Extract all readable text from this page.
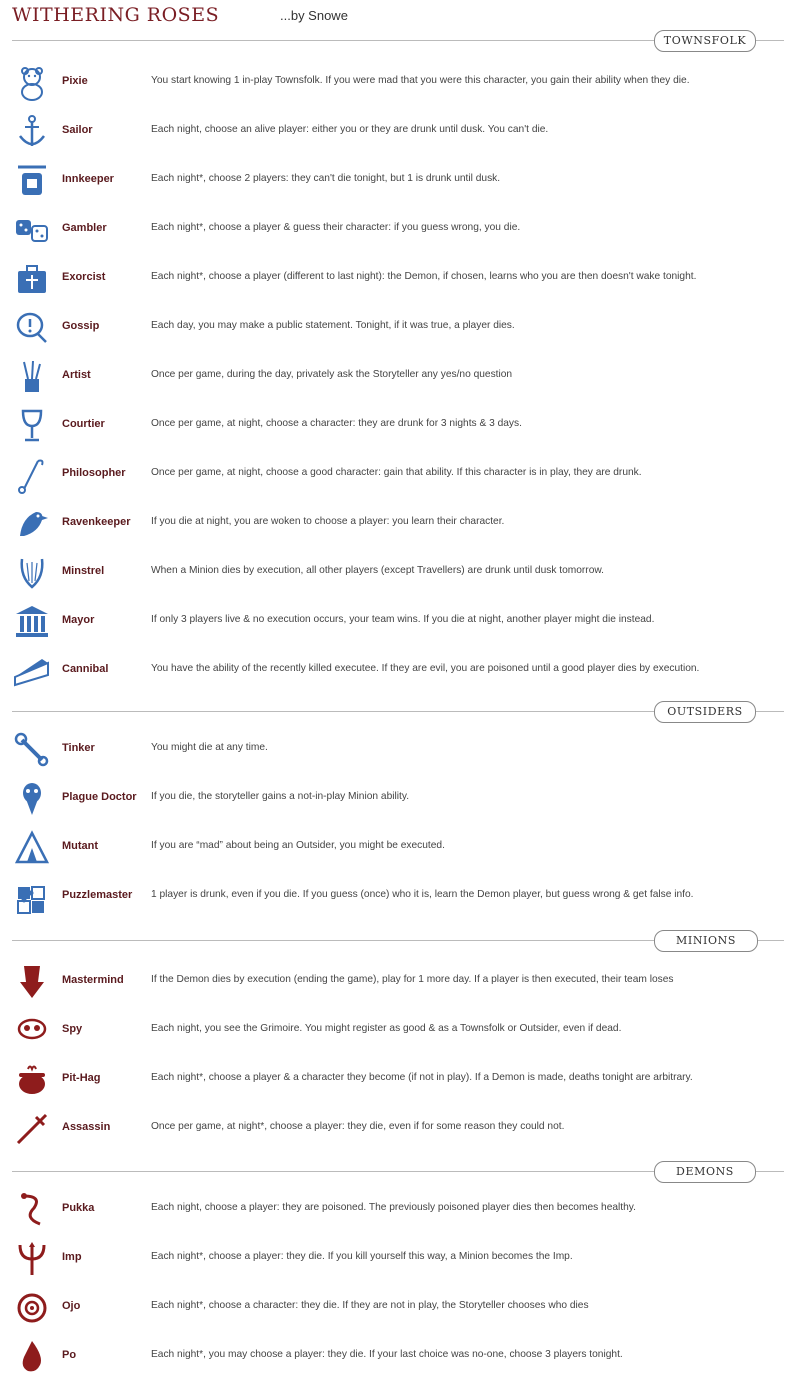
WITHERING ROSES	...by Snowe
TOWNSFOLK
Pixie	You start knowing 1 in-play Townsfolk. If you were mad that you were this character, you gain their ability when they die.
Sailor	Each night, choose an alive player: either you or they are drunk until dusk. You can't die.
Innkeeper	Each night*, choose 2 players: they can't die tonight, but 1 is drunk until dusk.
Gambler	Each night*, choose a player & guess their character: if you guess wrong, you die.
Exorcist	Each night*, choose a player (different to last night): the Demon, if chosen, learns who you are then doesn't wake tonight.
Gossip	Each day, you may make a public statement. Tonight, if it was true, a player dies.
Artist	Once per game, during the day, privately ask the Storyteller any yes/no question
Courtier	Once per game, at night, choose a character: they are drunk for 3 nights & 3 days.
Philosopher Once per game, at night, choose a good character: gain that ability. If this character is in play, they are drunk.
Ravenkeeper If you die at night, you are woken to choose a player: you learn their character.
Minstrel	When a Minion dies by execution, all other players (except Travellers) are drunk until dusk tomorrow.
Mayor	If only 3 players live & no execution occurs, your team wins. If you die at night, another player might die instead.
Cannibal	You have the ability of the recently killed executee. If they are evil, you are poisoned until a good player dies by execution.
OUTSIDERS
Tinker	You might die at any time.
Plague Doctor If you die, the storyteller gains a not-in-play Minion ability.
Mutant	If you are “mad” about being an Outsider, you might be executed.
Puzzlemaster 1 player is drunk, even if you die. If you guess (once) who it is, learn the Demon player, but guess wrong & get false info.
MINIONS
Mastermind	If the Demon dies by execution (ending the game), play for 1 more day. If a player is then executed, their team loses
Spy	Each night, you see the Grimoire. You might register as good & as a Townsfolk or Outsider, even if dead.
Pit-Hag	Each night*, choose a player & a character they become (if not in play). If a Demon is made, deaths tonight are arbitrary.
Assassin	Once per game, at night*, choose a player: they die, even if for some reason they could not.
DEMONS
Pukka	Each night, choose a player: they are poisoned. The previously poisoned player dies then becomes healthy.
Imp	Each night*, choose a player: they die. If you kill yourself this way, a Minion becomes the Imp.
Ojo	Each night*, choose a character: they die. If they are not in play, the Storyteller chooses who dies
Po	Each night*, you may choose a player: they die. If your last choice was no-one, choose 3 players tonight.
